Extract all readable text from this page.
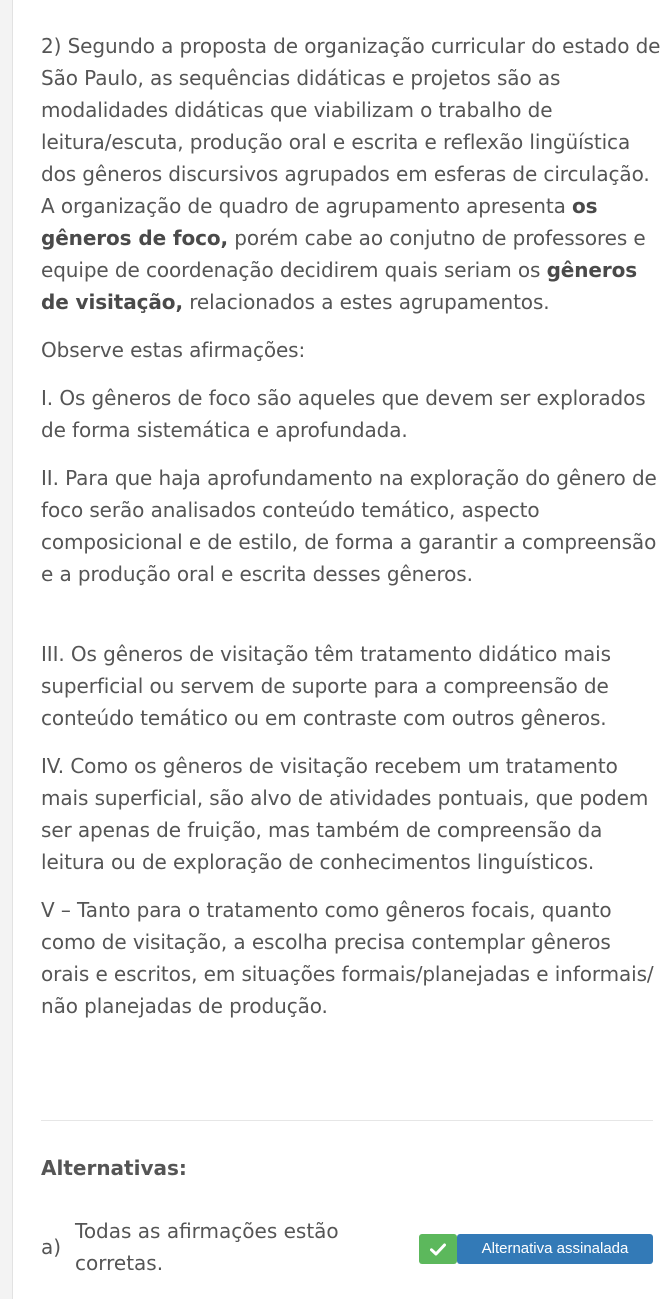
2) Segundo a proposta de organização curricular do estado de São Paulo, as sequências didáticas e projetos são as modalidades didáticas que viabilizam o trabalho de leitura/escuta, produção oral e escrita e reflexão lingüística dos gêneros discursivos agrupados em esferas de circulação. A organização de quadro de agrupamento apresenta os gêneros de foco, porém cabe ao conjutno de professores e equipe de coordenação decidirem quais seriam os gêneros de visitação, relacionados a estes agrupamentos.

Observe estas afirmações:

I. Os gêneros de foco são aqueles que devem ser explorados de forma sistemática e aprofundada.

II. Para que haja aprofundamento na exploração do gênero de foco serão analisados conteúdo temático, aspecto composicional e de estilo, de forma a garantir a compreensão e a produção oral e escrita desses gêneros.

III. Os gêneros de visitação têm tratamento didático mais superficial ou servem de suporte para a compreensão de conteúdo temático ou em contraste com outros gêneros.

IV. Como os gêneros de visitação recebem um tratamento mais superficial, são alvo de atividades pontuais, que podem ser apenas de fruição, mas também de compreensão da leitura ou de exploração de conhecimentos linguísticos.

V – Tanto para o tratamento como gêneros focais, quanto como de visitação, a escolha precisa contemplar gêneros orais e escritos, em situações formais/planejadas e informais/ não planejadas de produção.

Alternativas:
a)
Todas as afirmações estão corretas.
Alternativa assinalada
